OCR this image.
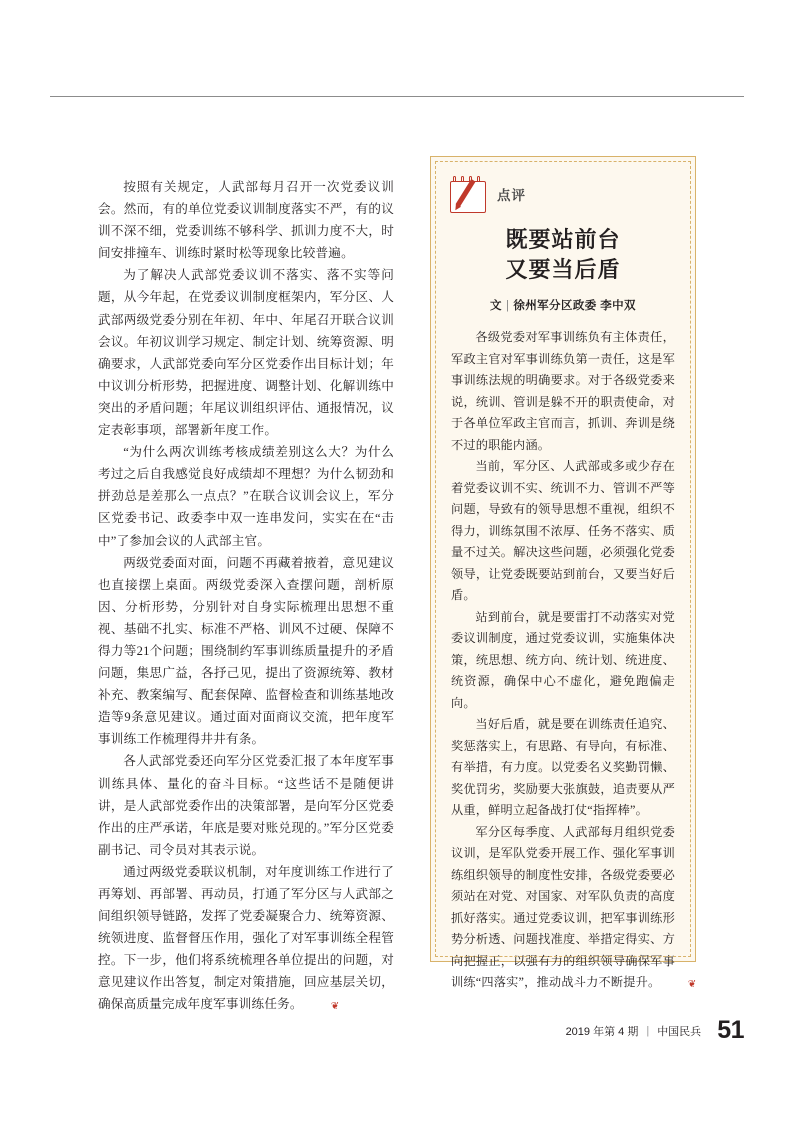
按照有关规定，人武部每月召开一次党委议训会。然而，有的单位党委议训制度落实不严，有的议训不深不细，党委训练不够科学、抓训力度不大，时间安排撞车、训练时紧时松等现象比较普遍。

为了解决人武部党委议训不落实、落不实等问题，从今年起，在党委议训制度框架内，军分区、人武部两级党委分别在年初、年中、年尾召开联合议训会议。年初议训学习规定、制定计划、统筹资源、明确要求，人武部党委向军分区党委作出目标计划；年中议训分析形势，把握进度、调整计划、化解训练中突出的矛盾问题；年尾议训组织评估、通报情况，议定表彰事项，部署新年度工作。

“为什么两次训练考核成绩差别这么大？为什么考过之后自我感觉良好成绩却不理想？为什么韧劲和拼劲总是差那么一点点？”在联合议训会议上，军分区党委书记、政委李中双一连串发问，实实在在“击中”了参加会议的人武部主官。

两级党委面对面，问题不再藏着掖着，意见建议也直接摆上桌面。两级党委深入查摆问题，剖析原因、分析形势，分别针对自身实际梳理出思想不重视、基础不扎实、标准不严格、训风不过硬、保障不得力等21个问题；围绕制约军事训练质量提升的矛盾问题，集思广益，各抒己见，提出了资源统筹、教材补充、教案编写、配套保障、监督检查和训练基地改造等9条意见建议。通过面对面商议交流，把年度军事训练工作梳理得井井有条。

各人武部党委还向军分区党委汇报了本年度军事训练具体、量化的奋斗目标。“这些话不是随便讲讲，是人武部党委作出的决策部署，是向军分区党委作出的庄严承诺，年底是要对账兑现的。”军分区党委副书记、司令员对其表示说。

通过两级党委联议机制，对年度训练工作进行了再筹划、再部署、再动员，打通了军分区与人武部之间组织领导链路，发挥了党委凝聚合力、统筹资源、统领进度、监督督压作用，强化了对军事训练全程管控。下一步，他们将系统梳理各单位提出的问题，对意见建议作出答复，制定对策措施，回应基层关切，确保高质量完成年度军事训练任务。	❦

点评
既要站前台
又要当后盾
文 | 徐州军分区政委 李中双

各级党委对军事训练负有主体责任，军政主官对军事训练负第一责任，这是军事训练法规的明确要求。对于各级党委来说，统训、管训是躲不开的职责使命，对于各单位军政主官而言，抓训、奔训是绕不过的职能内涵。

当前，军分区、人武部或多或少存在着党委议训不实、统训不力、管训不严等问题，导致有的领导思想不重视，组织不得力，训练氛围不浓厚、任务不落实、质量不过关。解决这些问题，必须强化党委领导，让党委既要站到前台，又要当好后盾。

站到前台，就是要雷打不动落实对党委议训制度，通过党委议训，实施集体决策，统思想、统方向、统计划、统进度、统资源，确保中心不虚化，避免跑偏走向。

当好后盾，就是要在训练责任追究、奖惩落实上，有思路、有导向，有标准、有举措，有力度。以党委名义奖勤罚懒、奖优罚劣，奖励要大张旗鼓，追责要从严从重，鲜明立起备战打仗“指挥棒”。

军分区每季度、人武部每月组织党委议训，是军队党委开展工作、强化军事训练组织领导的制度性安排，各级党委要必须站在对党、对国家、对军队负责的高度抓好落实。通过党委议训，把军事训练形势分析透、问题找准度、举措定得实、方向把握正，以强有力的组织领导确保军事训练“四落实”，推动战斗力不断提升。	❦

2019 年第 4 期 | 中国民兵 51
